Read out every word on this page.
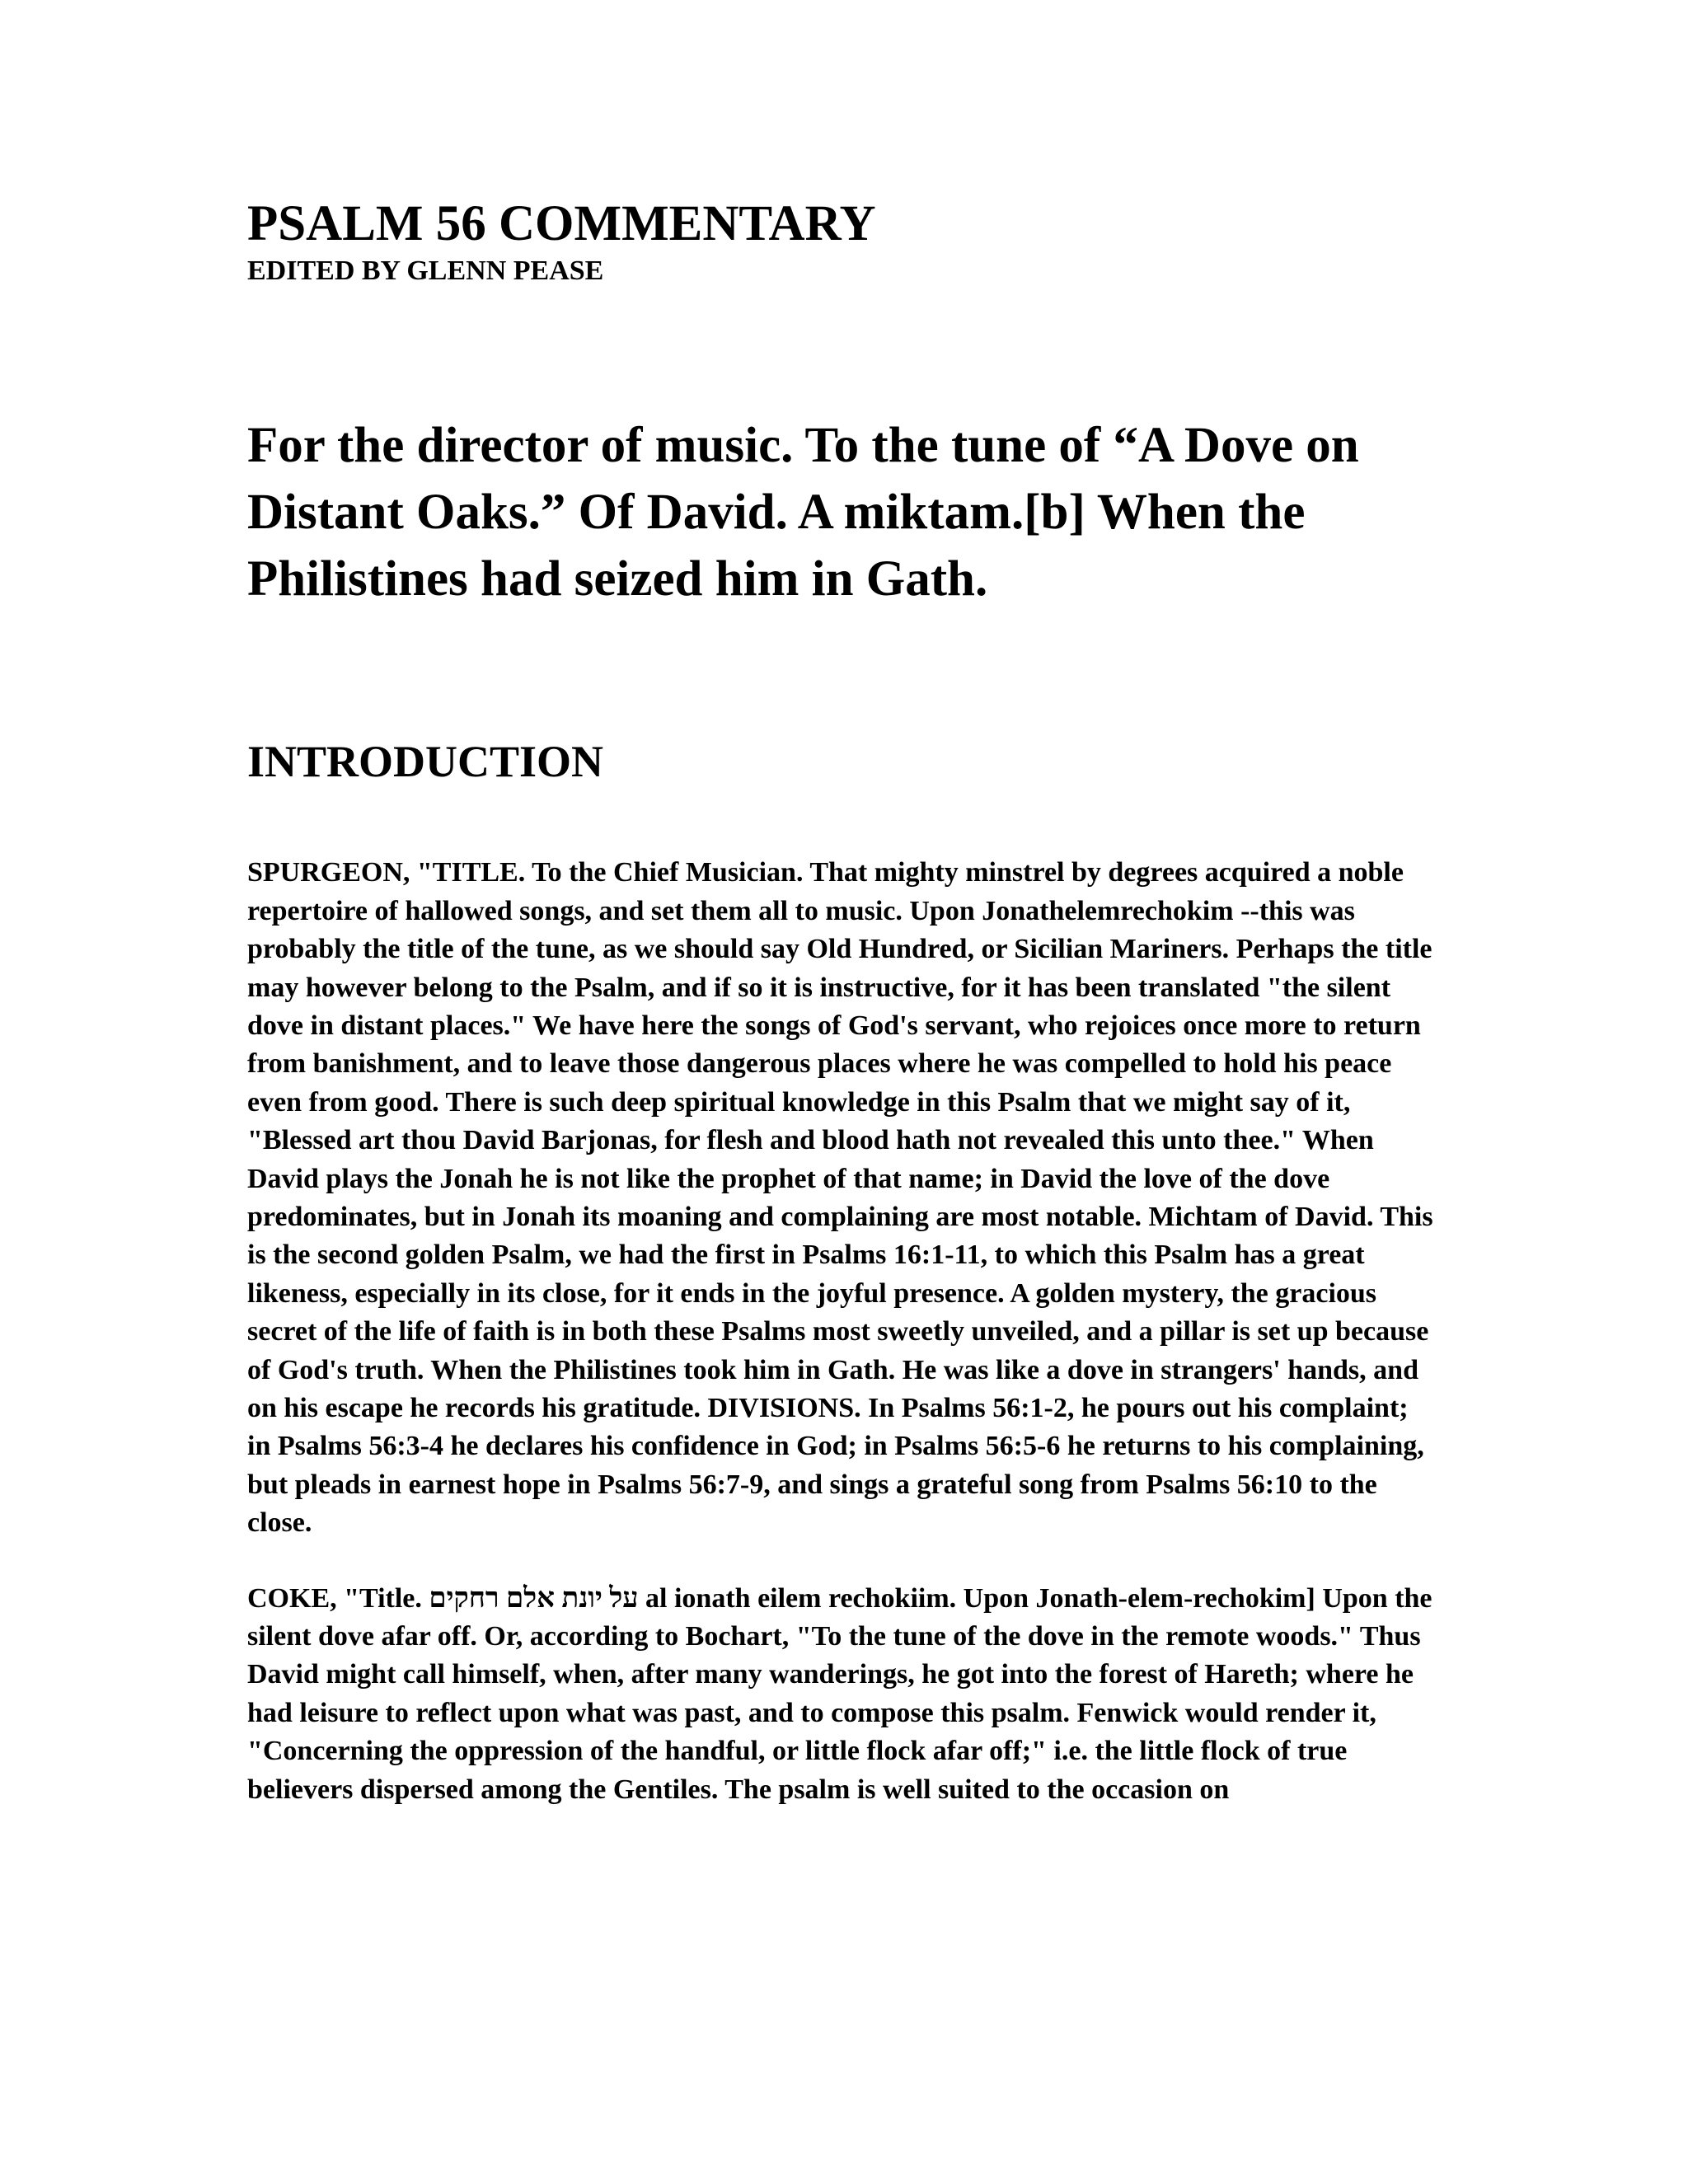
PSALM 56 COMMENTARY
EDITED BY GLENN PEASE
For the director of music. To the tune of “A Dove on Distant Oaks.” Of David. A miktam.[b] When the Philistines had seized him in Gath.
INTRODUCTION

SPURGEON, "TITLE. To the Chief Musician. That mighty minstrel by degrees acquired a noble repertoire of hallowed songs, and set them all to music. Upon Jonathelemrechokim --this was probably the title of the tune, as we should say Old Hundred, or Sicilian Mariners. Perhaps the title may however belong to the Psalm, and if so it is instructive, for it has been translated "the silent dove in distant places." We have here the songs of God's servant, who rejoices once more to return from banishment, and to leave those dangerous places where he was compelled to hold his peace even from good. There is such deep spiritual knowledge in this Psalm that we might say of it, "Blessed art thou David Barjonas, for flesh and blood hath not revealed this unto thee." When David plays the Jonah he is not like the prophet of that name; in David the love of the dove predominates, but in Jonah its moaning and complaining are most notable. Michtam of David. This is the second golden Psalm, we had the first in Psalms 16:1-11, to which this Psalm has a great likeness, especially in its close, for it ends in the joyful presence. A golden mystery, the gracious secret of the life of faith is in both these Psalms most sweetly unveiled, and a pillar is set up because of God's truth. When the Philistines took him in Gath. He was like a dove in strangers' hands, and on his escape he records his gratitude. DIVISIONS. In Psalms 56:1-2, he pours out his complaint; in Psalms 56:3-4 he declares his confidence in God; in Psalms 56:5-6 he returns to his complaining, but pleads in earnest hope in Psalms 56:7-9, and sings a grateful song from Psalms 56:10 to the close.

COKE, "Title. על יונת אלם רחקים al ionath eilem rechokiim. Upon Jonath-elem-rechokim] Upon the silent dove afar off. Or, according to Bochart, "To the tune of the dove in the remote woods." Thus David might call himself, when, after many wanderings, he got into the forest of Hareth; where he had leisure to reflect upon what was past, and to compose this psalm. Fenwick would render it, "Concerning the oppression of the handful, or little flock afar off;" i.e. the little flock of true believers dispersed among the Gentiles. The psalm is well suited to the occasion on
